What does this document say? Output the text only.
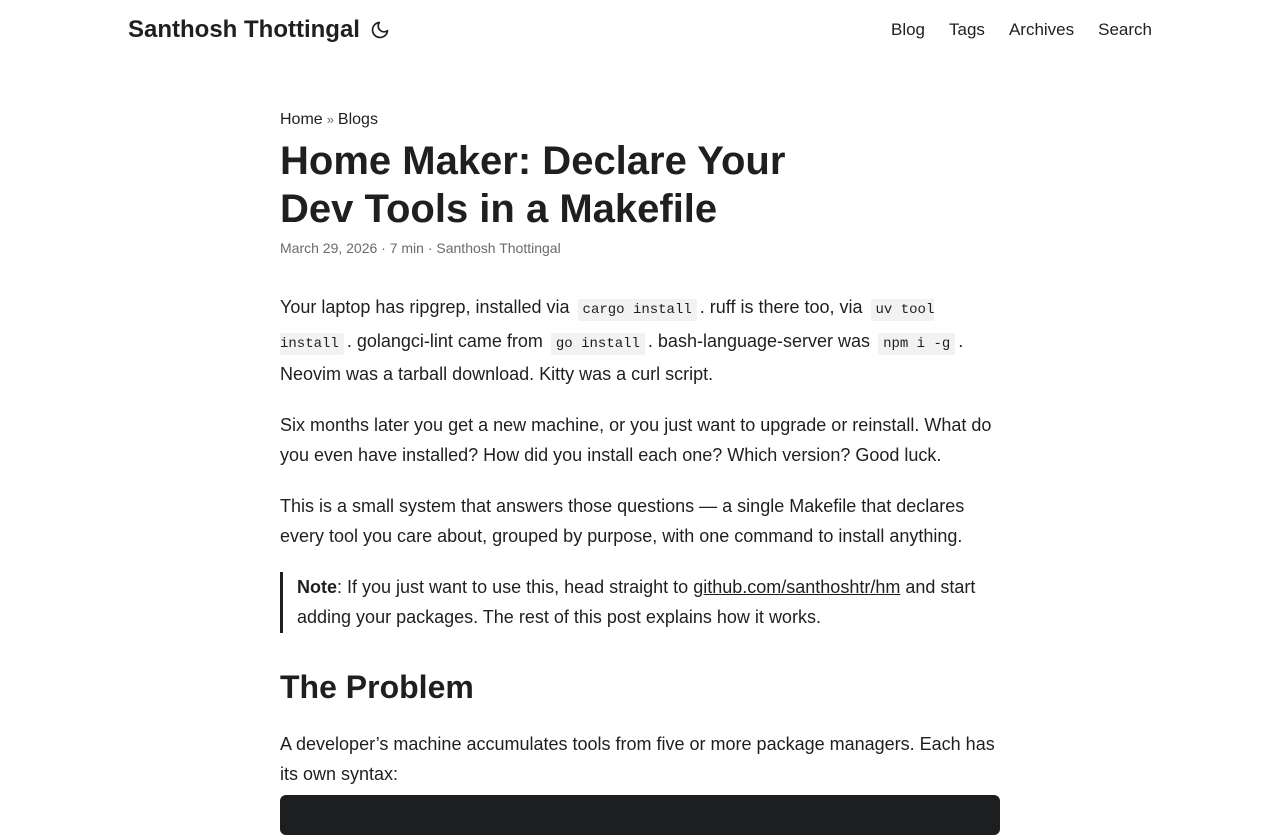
Santhosh Thottingal	Blog Tags Archives Search
Home » Blogs
Home Maker: Declare Your Dev Tools in a Makefile
March 29, 2026 · 7 min · Santhosh Thottingal

Your laptop has ripgrep, installed via cargo install . ruff is there too, via uv tool install . golangci-lint came from go install . bash-language-server was npm i -g . Neovim was a tarball download. Kitty was a curl script.

Six months later you get a new machine, or you just want to upgrade or reinstall. What do you even have installed? How did you install each one? Which version? Good luck.

This is a small system that answers those questions — a single Makefile that declares every tool you care about, grouped by purpose, with one command to install anything.

Note: If you just want to use this, head straight to github.com/santhoshtr/hm and start adding your packages. The rest of this post explains how it works.
The Problem

A developer’s machine accumulates tools from five or more package managers. Each has its own syntax:
